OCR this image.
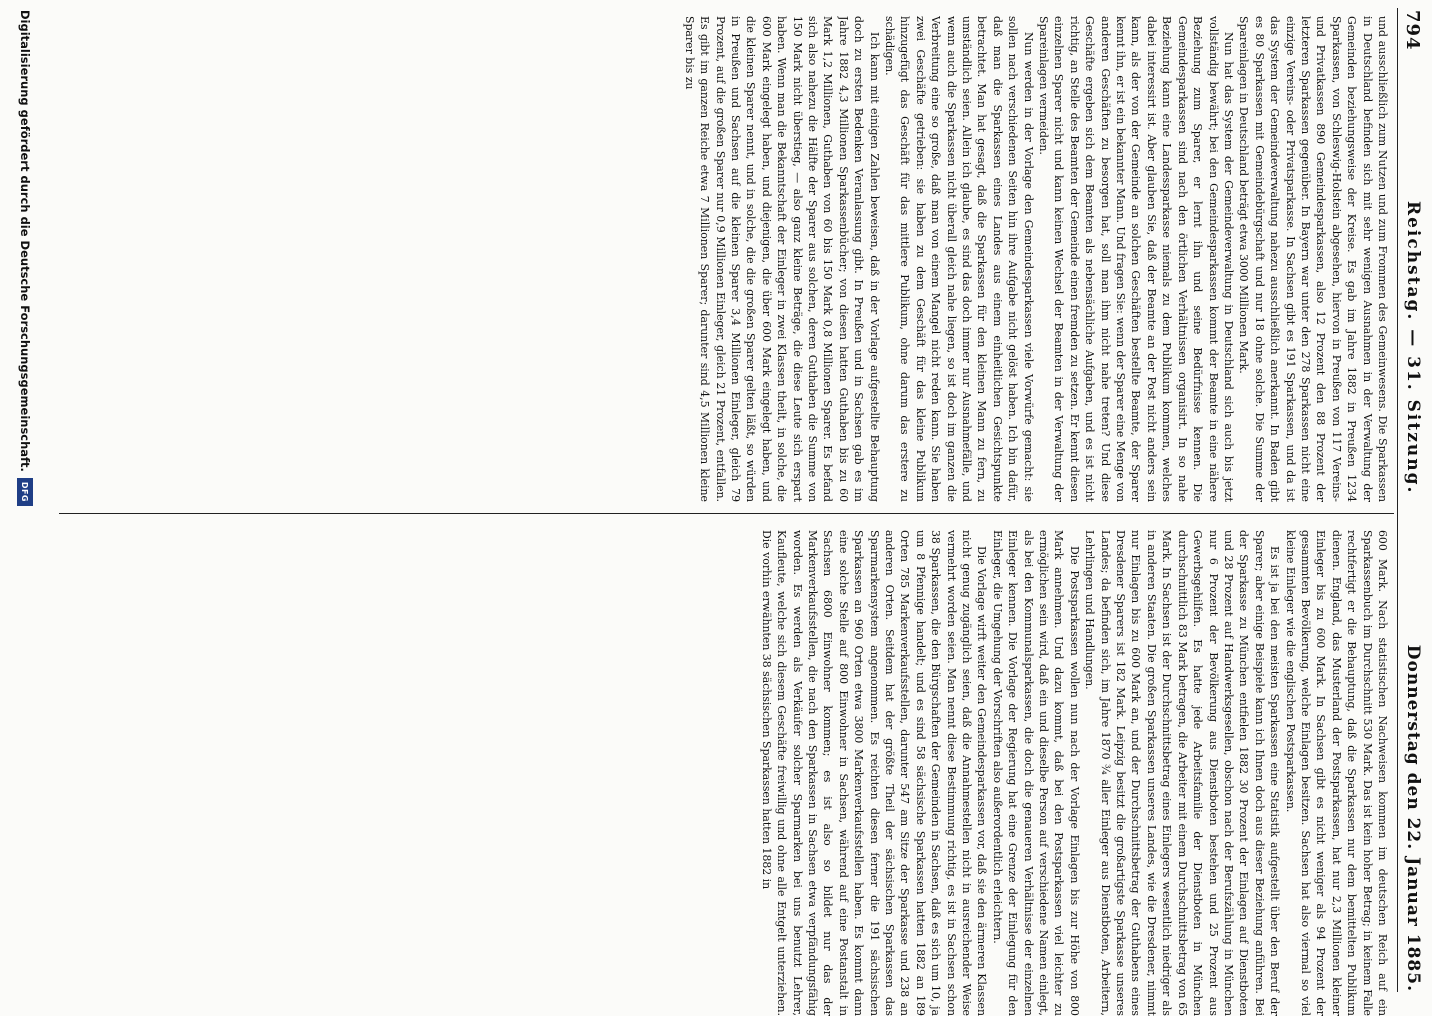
794
Reichstag. — 31. Sitzung.
Donnerstag den 22. Januar 1885.

und ausschließlich zum Nutzen und zum Frommen des Gemeinwesens. Die Sparkassen in Deutschland befinden sich mit sehr wenigen Ausnahmen in der Verwaltung der Gemeinden beziehungsweise der Kreise. Es gab im Jahre 1882 in Preußen 1234 Sparkassen, von Schleswig-Holstein abgesehen, hiervon in Preußen von 117 Vereins- und Privatkassen 890 Gemeindesparkassen, also 12 Prozent den 88 Prozent der letzteren Sparkassen gegenüber. In Bayern war unter den 278 Sparkassen nicht eine einzige Vereins- oder Privatsparkasse. In Sachsen gibt es 191 Sparkassen, und da ist das System der Gemeindeverwaltung nahezu ausschließlich anerkannt. In Baden gibt es 80 Sparkassen mit Gemeindebürgschaft und nur 18 ohne solche. Die Summe der Spareinlagen in Deutschland beträgt etwa 3000 Millionen Mark.

Nun hat das System der Gemeindeverwaltung in Deutschland sich auch bis jetzt vollständig bewährt; bei den Gemeindesparkassen kommt der Beamte in eine nähere Beziehung zum Sparer, er lernt ihn und seine Bedürfnisse kennen. Die Gemeindesparkassen sind nach den örtlichen Verhältnissen organisirt. In so nahe Beziehung kann eine Landessparkasse niemals zu dem Publikum kommen, welches dabei interessirt ist. Aber glauben Sie, daß der Beamte an der Post nicht anders sein kann, als der von der Gemeinde an solchen Geschäften bestellte Beamte, der Sparer kennt ihn, er ist ein bekannter Mann. Und fragen Sie: wenn der Sparer eine Menge von anderen Geschäften zu besorgen hat, soll man ihm nicht nahe treten? Und diese Geschäfte ergeben sich dem Beamten als nebensächliche Aufgaben, und es ist nicht richtig, an Stelle des Beamten der Gemeinde einen fremden zu setzen. Er kennt diesen einzelnen Sparer nicht und kann keinen Wechsel der Beamten in der Verwaltung der Spareinlagen vermeiden.

Nun werden in der Vorlage den Gemeindesparkassen viele Vorwürfe gemacht: sie sollen nach verschiedenen Seiten hin ihre Aufgabe nicht gelöst haben. Ich bin dafür, daß man die Sparkassen eines Landes aus einem einheitlichen Gesichtspunkte betrachtet. Man hat gesagt, daß die Sparkassen für den kleinen Mann zu fern, zu umständlich seien. Allein ich glaube, es sind das doch immer nur Ausnahmefälle, und wenn auch die Sparkassen nicht überall gleich nahe liegen, so ist doch im ganzen die Verbreitung eine so große, daß man von einem Mangel nicht reden kann. Sie haben zwei Geschäfte getrieben: sie haben zu dem Geschäft für das kleine Publikum hinzugefügt das Geschäft für das mittlere Publikum, ohne darum das erstere zu schädigen.

Ich kann mit einigen Zahlen beweisen, daß in der Vorlage aufgestellte Behauptung doch zu ersten Bedenken Veranlassung gibt. In Preußen und in Sachsen gab es im Jahre 1882 4,3 Millionen Sparkassenbücher; von diesen hatten Guthaben bis zu 60 Mark 1,2 Millionen, Guthaben von 60 bis 150 Mark 0,8 Millionen Sparer. Es befand sich also nahezu die Hälfte der Sparer aus solchen, deren Guthaben die Summe von 150 Mark nicht überstieg, — also ganz kleine Beträge, die diese Leute sich erspart haben. Wenn man die Bekanntschaft der Einleger in zwei Klassen theilt, in solche, die 600 Mark eingelegt haben, und diejenigen, die über 600 Mark eingelegt haben, und die kleinen Sparer nennt, und in solche, die die großen Sparer gelten läßt, so würden in Preußen und Sachsen auf die kleinen Sparer 3,4 Millionen Einleger, gleich 79 Prozent, auf die großen Sparer nur 0,9 Millionen Einleger, gleich 21 Prozent, entfallen. Es gibt im ganzen Reiche etwa 7 Millionen Sparer; darunter sind 4,5 Millionen kleine Sparer bis zu

600 Mark. Nach statistischen Nachweisen kommen im deutschen Reich auf ein Sparkassenbuch im Durchschnitt 530 Mark. Das ist kein hoher Betrag; in keinem Falle rechtfertigt er die Behauptung, daß die Sparkassen nur dem bemittelten Publikum dienen. England, das Musterland der Postsparkassen, hat nur 2,3 Millionen kleiner Einleger bis zu 600 Mark. In Sachsen gibt es nicht weniger als 94 Prozent der gesammten Bevölkerung, welche Einlagen besitzen. Sachsen hat also viermal so viel kleine Einleger wie die englischen Postsparkassen.

Es ist ja bei den meisten Sparkassen eine Statistik aufgestellt über den Beruf der Sparer; aber einige Beispiele kann ich Ihnen doch aus dieser Beziehung anführen. Bei der Sparkasse zu München entfielen 1882 30 Prozent der Einlagen auf Dienstboten und 28 Prozent auf Handwerksgesellen, obschon nach der Berufszählung in München nur 6 Prozent der Bevölkerung aus Dienstboten bestehen und 25 Prozent aus Gewerbsgehilfen. Es hatte jede Arbeitsfamilie der Dienstboten in München durchschnittlich 83 Mark betragen, die Arbeiter mit einem Durchschnittsbetrag von 65 Mark. In Sachsen ist der Durchschnittsbetrag eines Einlegers wesentlich niedriger als in anderen Staaten. Die großen Sparkassen unseres Landes, wie die Dresdener, nimmt nur Einlagen bis zu 600 Mark an, und der Durchschnittsbetrag der Guthabens eines Dresdener Sparers ist 182 Mark. Leipzig besitzt die großartigste Sparkasse unseres Landes; da befinden sich, im Jahre 1870 ¾ aller Einleger aus Dienstboten, Arbeitern, Lehrlingen und Handlungen.

Die Postsparkassen wollen nun nach der Vorlage Einlagen bis zur Höhe von 800 Mark annehmen. Und dazu kommt, daß bei den Postsparkassen viel leichter zu ermöglichen sein wird, daß ein und dieselbe Person auf verschiedene Namen einlegt, als bei den Kommunalsparkassen, die doch die genaueren Verhältnisse der einzelnen Einleger kennen. Die Vorlage der Regierung hat eine Grenze der Einlegung für den Einleger, die Umgehung der Vorschriften also außerordentlich erleichtern.

Die Vorlage wirft weiter den Gemeindesparkassen vor, daß sie den ärmeren Klassen nicht genug zugänglich seien, daß die Annahmestellen nicht in ausreichender Weise vermehrt worden seien. Man nennt diese Bestimmung richtig, es ist in Sachsen schon 38 Sparkassen, die den Bürgschaften der Gemeinden in Sachsen, daß es sich um 10, ja um 8 Pfennige handelt; und es sind 58 sächsische Sparkassen hatten 1882 an 189 Orten 785 Markenverkaufsstellen, darunter 547 am Sitze der Sparkasse und 238 an anderen Orten. Seitdem hat der größte Theil der sächsischen Sparkassen das Sparmarkensystem angenommen. Es reichten diesen ferner die 191 sächsischen Sparkassen an 960 Orten etwa 3800 Markenverkaufsstellen haben. Es kommt dann eine solche Stelle auf 800 Einwohner in Sachsen, während auf eine Postanstalt in Sachsen 6800 Einwohner kommen; es ist also so bildet nur das der Markenverkaufsstellen, die nach den Sparkassen in Sachsen etwa verpfändungsfähig worden. Es werden als Verkäufer solcher Sparmarken bei uns benutzt Lehrer, Kaufleute, welche sich diesem Geschäfte freiwillig und ohne alle Entgelt unterziehen. Die vorhin erwähnten 38 sächsischen Sparkassen hatten 1882 in

Digitalisierung gefördert durch die Deutsche Forschungsgemeinschaft.
DFG
